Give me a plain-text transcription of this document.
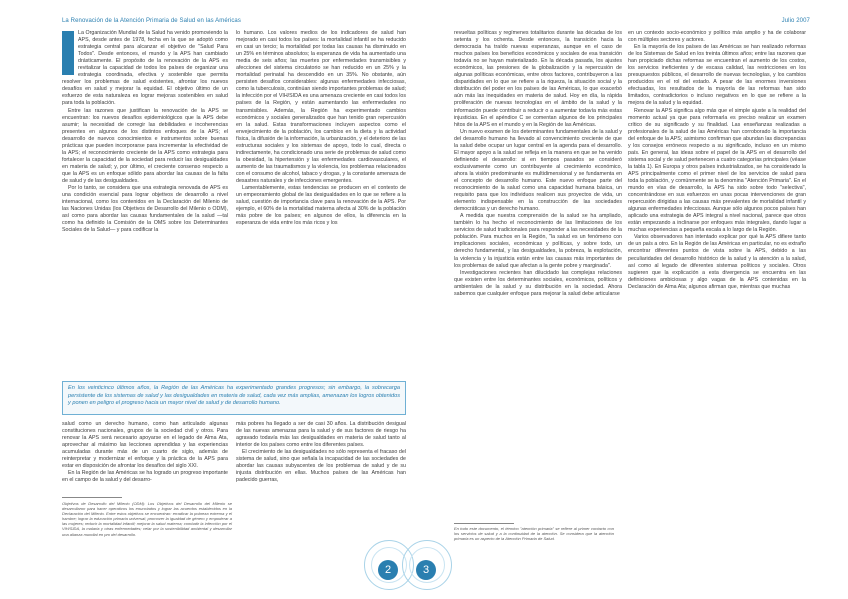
La Renovación de la Atención Primaria de Salud en las Américas

La Organización Mundial de la Salud ha venido promoviendo la APS, desde antes de 1978, fecha en la que se adoptó como estrategia central para alcanzar el objetivo de "Salud Para Todos". Desde entonces, el mundo y la APS han cambiado drásticamente. El propósito de la renovación de la APS es revitalizar la capacidad de todos los países de organizar una estrategia coordinada, efectiva y sostenible que permita resolver los problemas de salud existentes, afrontar los nuevos desafíos en salud y mejorar la equidad. El objetivo último de un esfuerzo de esta naturaleza es lograr mejoras sostenibles en salud para toda la población.

Entre las razones que justifican la renovación de la APS se encuentran: los nuevos desafíos epidemiológicos que la APS debe asumir; la necesidad de corregir las debilidades e incoherencias presentes en algunos de los distintos enfoques de la APS; el desarrollo de nuevos conocimientos e instrumentos sobre buenas prácticas que pueden incorporarse para incrementar la efectividad de la APS; el reconocimiento creciente de la APS como estrategia para fortalecer la capacidad de la sociedad para reducir las desigualdades en materia de salud; y, por último, el creciente consenso respecto a que la APS es un enfoque sólido para abordar las causas de la falta de salud y de las desigualdades.

Por lo tanto, se considera que una estrategia renovada de APS es una condición esencial para lograr objetivos de desarrollo a nivel internacional, como los contenidos en la Declaración del Milenio de las Naciones Unidas (los Objetivos de Desarrollo del Milenio o ODM), así como para abordar las causas fundamentales de la salud —tal como ha definido la Comisión de la OMS sobre los Determinantes Sociales de la Salud— y para codificar la

lo humano. Los valores medios de los indicadores de salud han mejorado en casi todos los países: la mortalidad infantil se ha reducido en casi un tercio; la mortalidad por todas las causas ha disminuido en un 25% en términos absolutos; la esperanza de vida ha aumentado una media de seis años; las muertes por enfermedades transmisibles y afecciones del sistema circulatorio se han reducido en un 25% y la mortalidad perinatal ha descendido en un 35%. No obstante, aún persisten desafíos considerables: algunas enfermedades infecciosas, como la tuberculosis, continúan siendo importantes problemas de salud; la infección por el VIH/SIDA es una amenaza creciente en casi todos los países de la Región, y están aumentando las enfermedades no transmisibles. Además, la Región ha experimentado cambios económicos y sociales generalizados que han tenido gran repercusión en la salud. Estas transformaciones incluyen aspectos como el envejecimiento de la población, los cambios en la dieta y la actividad física, la difusión de la información, la urbanización, y el deterioro de las estructuras sociales y los sistemas de apoyo, todo lo cual, directa o indirectamente, ha condicionado una serie de problemas de salud como la obesidad, la hipertensión y las enfermedades cardiovasculares, el aumento de las traumatismos y la violencia, los problemas relacionados con el consumo de alcohol, tabaco y drogas, y la constante amenaza de desastres naturales y de infecciones emergentes.

Lamentablemente, estas tendencias se producen en el contexto de un empeoramiento global de las desigualdades en lo que se refiere a la salud, cuestión de importancia clave para la renovación de la APS. Por ejemplo, el 60% de la mortalidad materna afecta al 30% de la población más pobre de los países; en algunos de ellos, la diferencia en la esperanza de vida entre los más ricos y los

En los veinticinco últimos años, la Región de las Américas ha experimentado grandes progresos; sin embargo, la sobrecarga persistente de los sistemas de salud y las desigualdades en materia de salud, cada vez más amplias, amenazan los logros obtenidos y ponen en peligro el progreso hacia un mayor nivel de salud y de desarrollo humano.

salud como un derecho humano, como han articulado algunas constituciones nacionales, grupos de la sociedad civil y otros. Para renovar la APS será necesario apoyarse en el legado de Alma Ata, aprovechar al máximo las lecciones aprendidas y las experiencias acumuladas durante más de un cuarto de siglo, además de reinterpretar y modernizar el enfoque y la práctica de la APS para estar en disposición de afrontar los desafíos del siglo XXI.

En la Región de las Américas se ha logrado un progreso importante en el campo de la salud y del desarro-

más pobres ha llegado a ser de casi 30 años. La distribución desigual de las nuevas amenazas para la salud y de sus factores de riesgo ha agravado todavía más las desigualdades en materia de salud tanto al interior de los países como entre los diferentes países.

El crecimiento de las desigualdades no sólo representa el fracaso del sistema de salud, sino que señala la incapacidad de las sociedades de abordar las causas subyacentes de los problemas de salud y de su injusta distribución en ellas. Muchos países de las Américas han padecido guerras,

Objetivos de Desarrollo del Milenio (ODM): Los Objetivos del Desarrollo del Milenio se desarrollaron para hacer operativos los enunciados y lograr las acuerdos establecidos en la Declaración del Milenio. Entre estos objetivos se encuentran: erradicar la pobreza extrema y el hambre; lograr la educación primaria universal; promover la igualdad de género y empoderar a las mujeres; reducir la mortalidad infantil; mejorar la salud materna; combatir la infección por el VIH/SIDA, la malaria y otras enfermedades; velar por la sostenibilidad ambiental y desarrollar una alianza mundial en pro del desarrollo.
2
Julio 2007

revueltas políticas y regímenes totalitarios durante las décadas de los setenta y los ochenta. Desde entonces, la transición hacia la democracia ha traído nuevas esperanzas, aunque en el caso de muchos países los beneficios económicos y sociales de esa transición todavía no se hayan materializado. En la década pasada, los ajustes económicos, las presiones de la globalización y la repercusión de algunas políticas económicas, entre otros factores, contribuyeron a las disparidades en lo que se refiere a la riqueza, la situación social y la distribución del poder en los países de las Américas, lo que exacerbó aún más las inequidades en materia de salud. Hoy en día, la rápida proliferación de nuevas tecnologías en el ámbito de la salud y la información puede contribuir a reducir o a aumentar todavía más estas injusticias. En el apéndice C se comentan algunos de los principales hitos de la APS en el mundo y en la Región de las Américas.

Un nuevo examen de los determinantes fundamentales de la salud y del desarrollo humano ha llevado al convencimiento creciente de que la salud debe ocupar un lugar central en la agenda para el desarrollo. El mayor apoyo a la salud se refleja en la manera en que se ha venido definiendo el desarrollo: si en tiempos pasados se consideró exclusivamente como un contribuyente al crecimiento económico, ahora la visión predominante es multidimensional y se fundamenta en el concepto de desarrollo humano. Este nuevo enfoque parte del reconocimiento de la salud como una capacidad humana básica, un requisito para que los individuos realicen sus proyectos de vida, un elemento indispensable en la construcción de las sociedades democráticas y un derecho humano.

A medida que nuestra comprensión de la salud se ha ampliado, también lo ha hecho el reconocimiento de las limitaciones de los servicios de salud tradicionales para responder a las necesidades de la población. Para muchos en la Región, "la salud es un fenómeno con implicaciones sociales, económicas y políticas, y sobre todo, un derecho fundamental, y las desigualdades, la pobreza, la explotación, la violencia y la injusticia están entre las causas más importantes de los problemas de salud que afectan a la gente pobre y marginada".

Investigaciones recientes han dilucidado las complejas relaciones que existen entre los determinantes sociales, económicos, políticos y ambientales de la salud y su distribución en la sociedad. Ahora sabemos que cualquier enfoque para mejorar la salud debe articularse

en un contexto socio-económico y político más amplio y ha de colaborar con múltiples sectores y actores.

En la mayoría de los países de las Américas se han realizado reformas de los Sistemas de Salud en los treinta últimos años; entre las razones que han propiciado dichas reformas se encuentran el aumento de los costos, los servicios ineficientes y de escasa calidad, las restricciones en los presupuestos públicos, el desarrollo de nuevas tecnologías, y los cambios producidos en el rol del estado. A pesar de las enormes inversiones efectuadas, los resultados de la mayoría de las reformas han sido limitados, contradictorios o incluso negativos en lo que se refiere a la mejora de la salud y la equidad.

Renovar la APS significa algo más que el simple ajuste a la realidad del momento actual ya que para reformarla es preciso realizar un examen crítico de su significado y su finalidad. Las enseñanzas realizadas a profesionales de la salud de las Américas han corroborado la importancia del enfoque de la APS; asimismo confirman que abundan las discrepancias y los consejos erróneos respecto a su significado, incluso en un mismo país. En general, las ideas sobre el papel de la APS en el desarrollo del sistema social y de salud pertenecen a cuatro categorías principales (véase la tabla 1). En Europa y otros países industrializados, se ha considerado la APS principalmente como el primer nivel de los servicios de salud para toda la población, y comúnmente se la denomina "Atención Primaria". En el mundo en vías de desarrollo, la APS ha sido sobre todo "selectiva", concentrándose en sus esfuerzos en unas pocas intervenciones de gran repercusión dirigidas a las causas más prevalentes de mortalidad infantil y algunas enfermedades infecciosas. Aunque sólo algunos pocos países han aplicado una estrategia de APS integral a nivel nacional, parece que otros están empezando a inclinarse por enfoques más integrales, dando lugar a muchas experiencias a pequeña escala a lo largo de la Región.

Varios observadores han intentado explicar por qué la APS difiere tanto de un país a otro. En la Región de las Américas en particular, no es extraño encontrar diferentes puntos de vista sobre la APS, debido a las peculiaridades del desarrollo histórico de la salud y la atención a la salud, así como al legado de diferentes sistemas políticos y sociales. Otros sugieren que la explicación a esta divergencia se encuentra en las definiciones ambiciosas y algo vagas de la APS contenidas en la Declaración de Alma Ata; algunos afirman que, mientras que muchas

En todo este documento, el término "atención primaria" se refiere al primer contacto con los servicios de salud y a la continuidad de la atención. Se considera que la atención primaria es un aspecto de la Atención Primaria de Salud.
3
